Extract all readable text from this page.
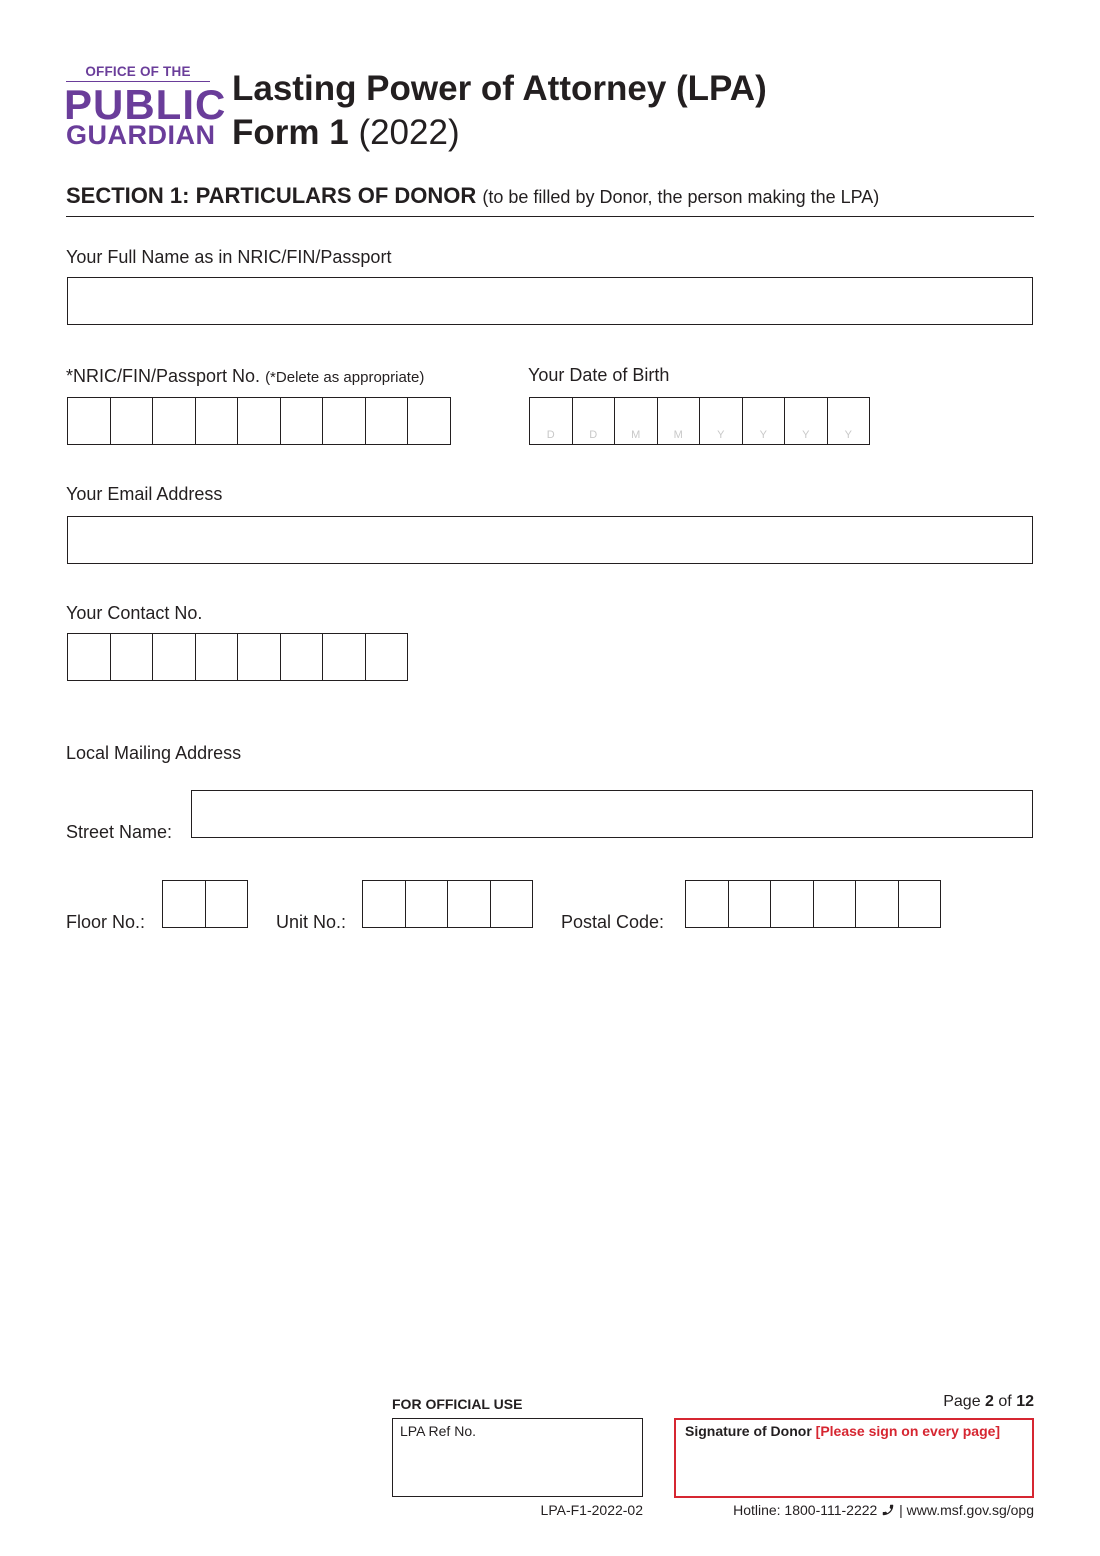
OFFICE OF THE
PUBLIC
GUARDIAN
Lasting Power of Attorney (LPA)
Form 1 (2022)
SECTION 1: PARTICULARS OF DONOR (to be filled by Donor, the person making the LPA)
Your Full Name as in NRIC/FIN/Passport
*NRIC/FIN/Passport No. (*Delete as appropriate)	Your Date of Birth
D	D	M	M	Y	Y	Y	Y
Your Email Address
Your Contact No.
Local Mailing Address
Street Name:
Floor No.:	Unit No.:	Postal Code:
FOR OFFICIAL USE
LPA Ref No.
Page 2 of 12
Signature of Donor [Please sign on every page]
LPA-F1-2022-02	Hotline: 1800-111-2222 | www.msf.gov.sg/opg
